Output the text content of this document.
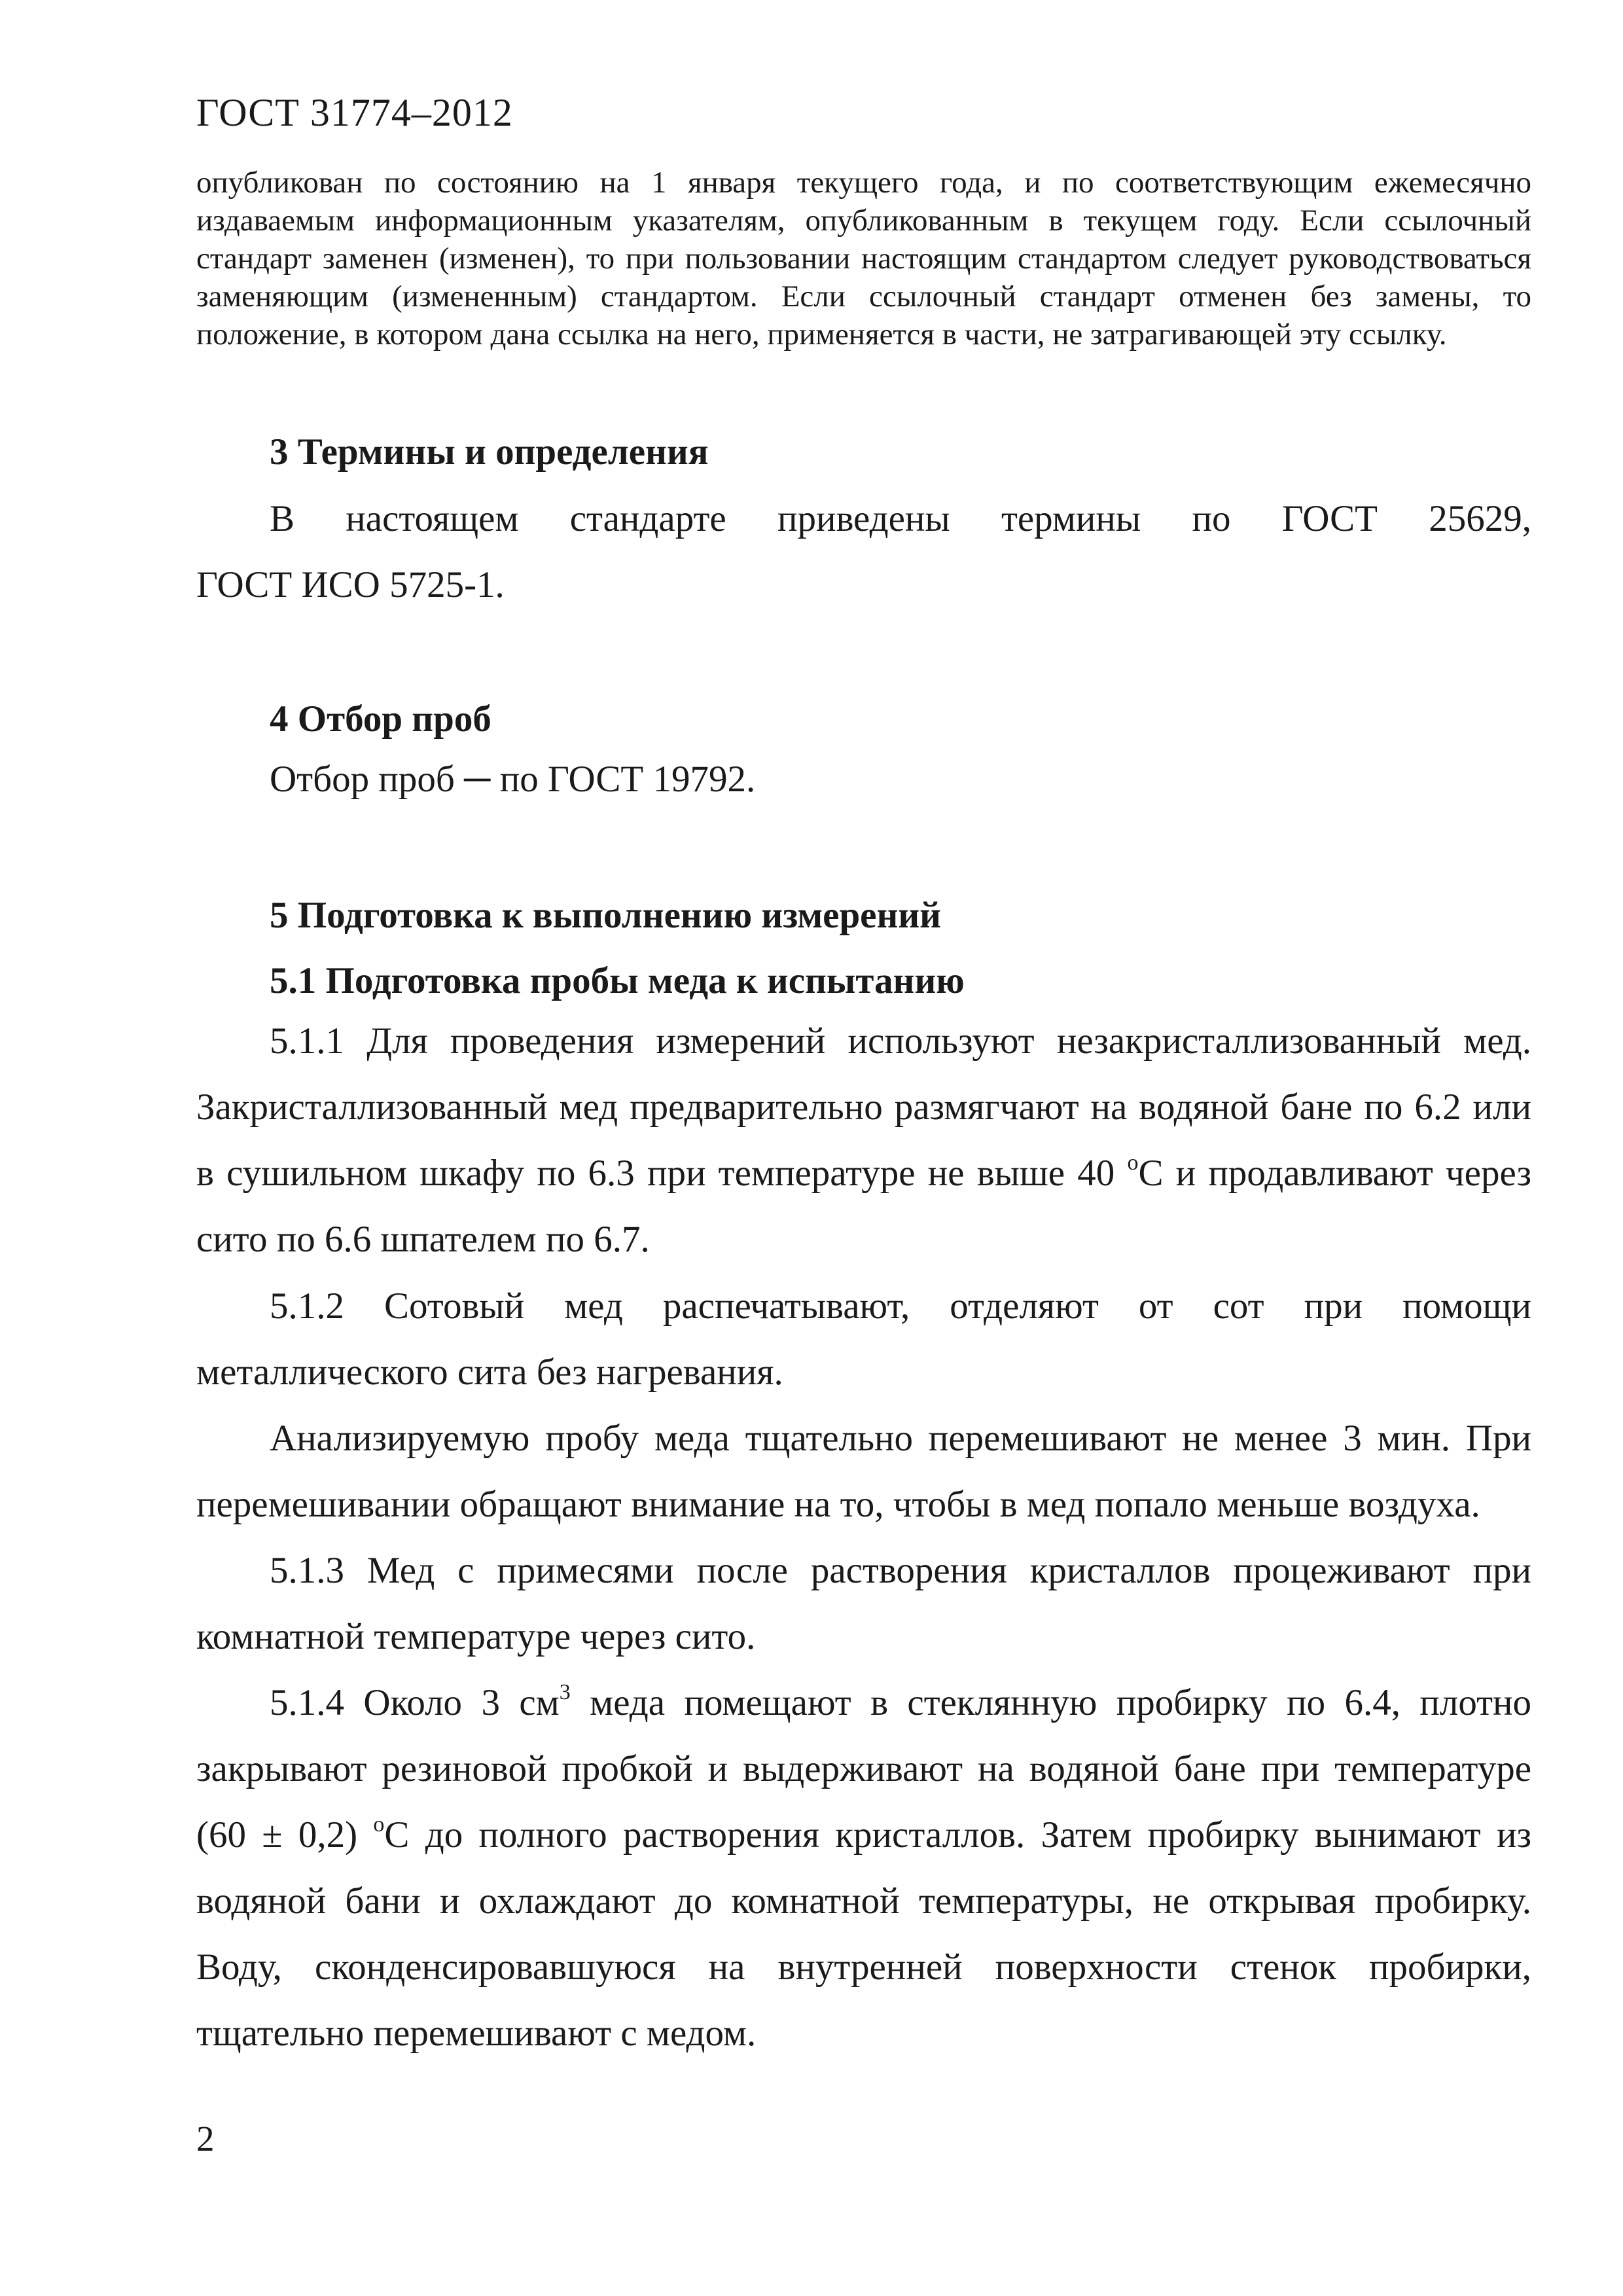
ГОСТ 31774–2012

опубликован по состоянию на 1 января текущего года, и по соответствующим ежемесячно издаваемым информационным указателям, опубликованным в текущем году. Если ссылочный стандарт заменен (изменен), то при пользовании настоящим стандартом следует руководствоваться заменяющим (измененным) стандартом. Если ссылочный стандарт отменен без замены, то положение, в котором дана ссылка на него, применяется в части, не затрагивающей эту ссылку.

3 Термины и определения
В настоящем стандарте приведены термины по ГОСТ 25629,
ГОСТ ИСО 5725-1.
4 Отбор проб

Отбор проб ─ по ГОСТ 19792.

5 Подготовка к выполнению измерений
5.1 Подготовка пробы меда к испытанию

5.1.1 Для проведения измерений используют незакристаллизованный мед. Закристаллизованный мед предварительно размягчают на водяной бане по 6.2 или в сушильном шкафу по 6.3 при температуре не выше 40 $^o$С и продавливают через сито по 6.6 шпателем по 6.7.

5.1.2 Сотовый мед распечатывают, отделяют от сот при помощи металлического сита без нагревания.

Анализируемую пробу меда тщательно перемешивают не менее 3 мин. При перемешивании обращают внимание на то, чтобы в мед попало меньше воздуха.

5.1.3 Мед с примесями после растворения кристаллов процеживают при комнатной температуре через сито.

5.1.4 Около 3 $см^3$ меда помещают в стеклянную пробирку по 6.4, плотно закрывают резиновой пробкой и выдерживают на водяной бане при температуре (60 ± 0,2) $^o$С до полного растворения кристаллов. Затем пробирку вынимают из водяной бани и охлаждают до комнатной температуры, не открывая пробирку. Воду, сконденсировавшуюся на внутренней поверхности стенок пробирки, тщательно перемешивают с медом.

2
